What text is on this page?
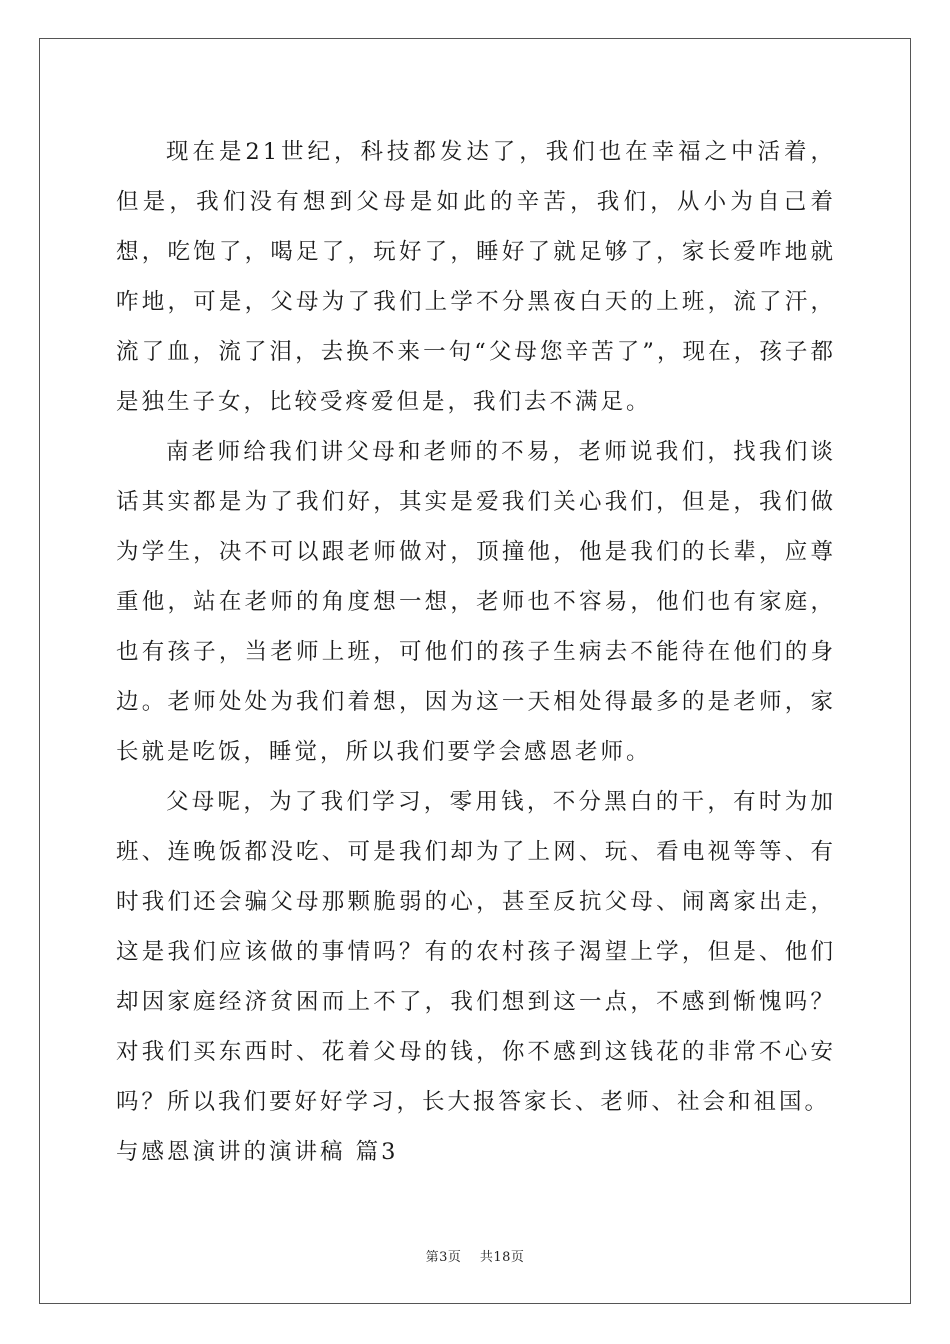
现在是21世纪，科技都发达了，我们也在幸福之中活着，但是，我们没有想到父母是如此的辛苦，我们，从小为自己着想，吃饱了，喝足了，玩好了，睡好了就足够了，家长爱咋地就咋地，可是，父母为了我们上学不分黑夜白天的上班，流了汗，流了血，流了泪，去换不来一句“父母您辛苦了”，现在，孩子都是独生子女，比较受疼爱但是，我们去不满足。

南老师给我们讲父母和老师的不易，老师说我们，找我们谈话其实都是为了我们好，其实是爱我们关心我们，但是，我们做为学生，决不可以跟老师做对，顶撞他，他是我们的长辈，应尊重他，站在老师的角度想一想，老师也不容易，他们也有家庭，也有孩子，当老师上班，可他们的孩子生病去不能待在他们的身边。老师处处为我们着想，因为这一天相处得最多的是老师，家长就是吃饭，睡觉，所以我们要学会感恩老师。

父母呢，为了我们学习，零用钱，不分黑白的干，有时为加班、连晚饭都没吃、可是我们却为了上网、玩、看电视等等、有时我们还会骗父母那颗脆弱的心，甚至反抗父母、闹离家出走，这是我们应该做的事情吗？有的农村孩子渴望上学，但是、他们却因家庭经济贫困而上不了，我们想到这一点，不感到惭愧吗？对我们买东西时、花着父母的钱，你不感到这钱花的非常不心安吗？所以我们要好好学习，长大报答家长、老师、社会和祖国。

与感恩演讲的演讲稿 篇3

第3页 共18页
